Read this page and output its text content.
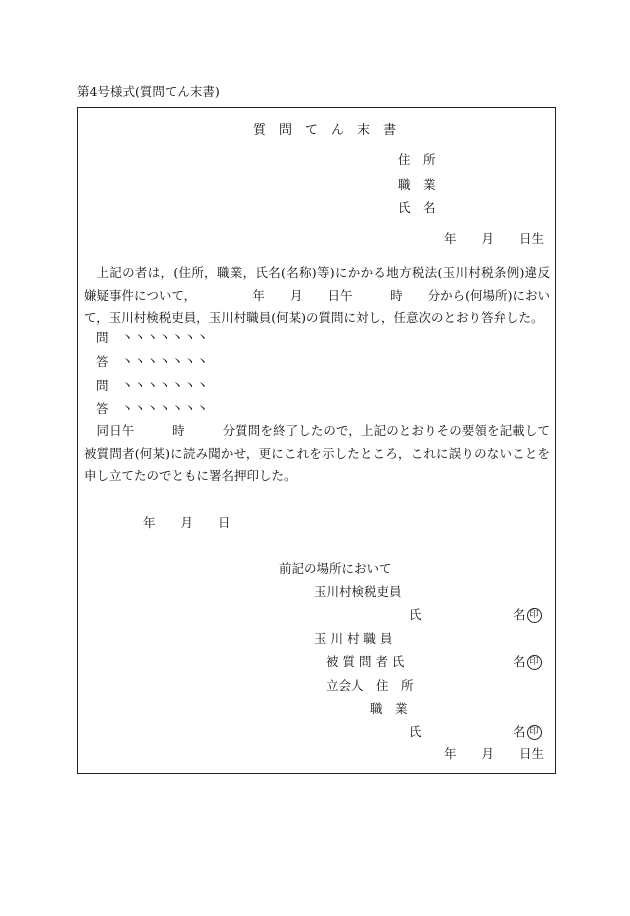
第4号様式(質問てん末書)
質　問　て　ん　末　書
住　所
職　業
氏　名
年　　月　　日生
上記の者は，(住所，職業，氏名(名称)等)にかかる地方税法(玉川村税条例)違反嫌疑事件について，　　　　　年　　月　　日午　　　時　　分から(何場所)において，玉川村検税吏員，玉川村職員(何某)の質問に対し，任意次のとおり答弁した。
問　 丶丶丶丶丶丶丶
答　 丶丶丶丶丶丶丶
問　 丶丶丶丶丶丶丶
答　 丶丶丶丶丶丶丶
同日午　　　時　　　分質問を終了したので，上記のとおりその要領を記載して被質問者(何某)に読み聞かせ，更にこれを示したところ，これに誤りのないことを申し立てたのでともに署名押印した。
年　　月　　日
前記の場所において
玉川村検税吏員
氏	名 印
玉 川 村 職 員
被 質 問 者 氏	名 印
立会人　住　所
職　業
氏	名 印
年　　月　　日生
